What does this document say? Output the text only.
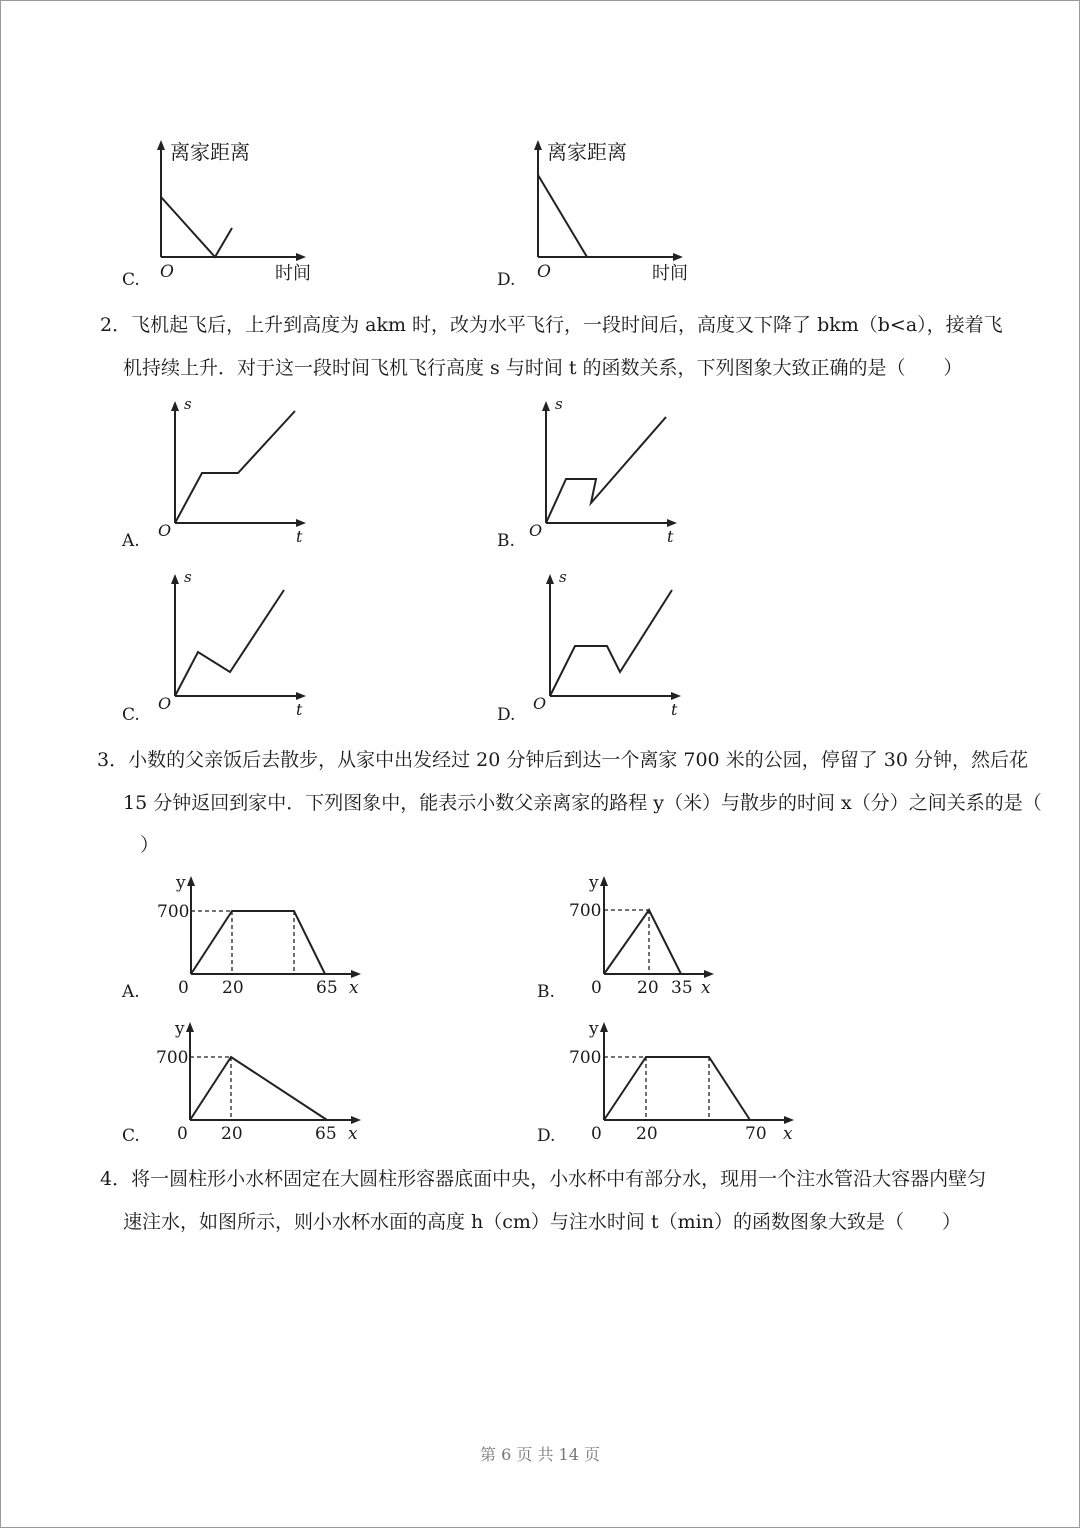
离家距离
时间
O
C.
离家距离
时间
O
D.
2．飞机起飞后，上升到高度为 akm 时，改为水平飞行，一段时间后，高度又下降了 bkm（b<a），接着飞
机持续上升．对于这一段时间飞机飞行高度 s 与时间 t 的函数关系，下列图象大致正确的是（　　）
s
t
O
A.
s
t
O
B.
s
t
O
C.
s
t
O
D.
3．小数的父亲饭后去散步，从家中出发经过 20 分钟后到达一个离家 700 米的公园，停留了 30 分钟，然后花
15 分钟返回到家中．下列图象中，能表示小数父亲离家的路程 y（米）与散步的时间 x（分）之间关系的是（
）
y
700
0 20	65 x
A.
y
700
0 20 35 x
B.
y
700
0 20	65 x
C.
y
700
0 20	70 x
D.
4．将一圆柱形小水杯固定在大圆柱形容器底面中央，小水杯中有部分水，现用一个注水管沿大容器内壁匀
速注水，如图所示，则小水杯水面的高度 h（cm）与注水时间 t（min）的函数图象大致是（　　）
第 6 页 共 14 页
